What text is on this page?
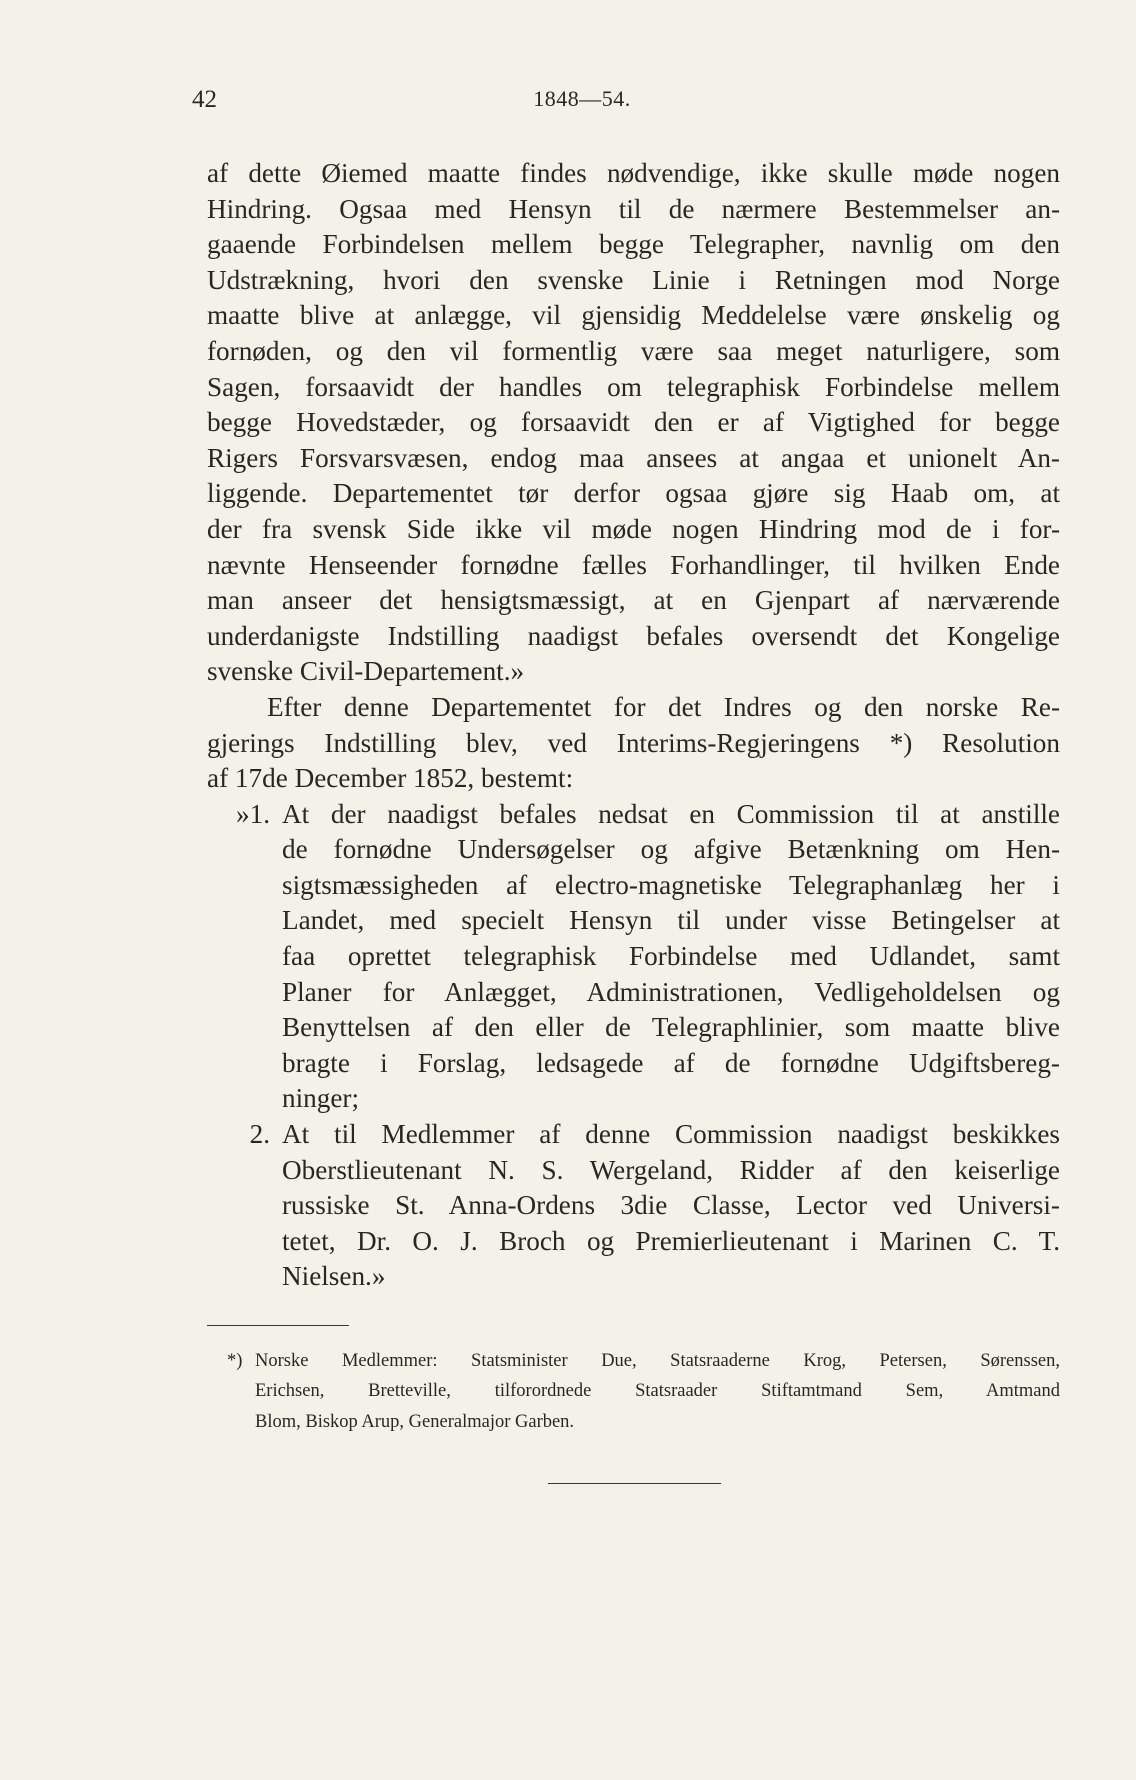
42	1848—54.
af dette Øiemed maatte findes nødvendige, ikke skulle møde nogen
Hindring. Ogsaa med Hensyn til de nærmere Bestemmelser an-
gaaende Forbindelsen mellem begge Telegrapher, navnlig om den
Udstrækning, hvori den svenske Linie i Retningen mod Norge
maatte blive at anlægge, vil gjensidig Meddelelse være ønskelig og
fornøden, og den vil formentlig være saa meget naturligere, som
Sagen, forsaavidt der handles om telegraphisk Forbindelse mellem
begge Hovedstæder, og forsaavidt den er af Vigtighed for begge
Rigers Forsvarsvæsen, endog maa ansees at angaa et unionelt An-
liggende. Departementet tør derfor ogsaa gjøre sig Haab om, at
der fra svensk Side ikke vil møde nogen Hindring mod de i for-
nævnte Henseender fornødne fælles Forhandlinger, til hvilken Ende
man anseer det hensigtsmæssigt, at en Gjenpart af nærværende
underdanigste Indstilling naadigst befales oversendt det Kongelige
svenske Civil-Departement.»
Efter denne Departementet for det Indres og den norske Re-
gjerings Indstilling blev, ved Interims-Regjeringens *) Resolution
af 17de December 1852, bestemt:
»1. At der naadigst befales nedsat en Commission til at anstille
de fornødne Undersøgelser og afgive Betænkning om Hen-
sigtsmæssigheden af electro-magnetiske Telegraphanlæg her i
Landet, med specielt Hensyn til under visse Betingelser at
faa oprettet telegraphisk Forbindelse med Udlandet, samt
Planer for Anlægget, Administrationen, Vedligeholdelsen og
Benyttelsen af den eller de Telegraphlinier, som maatte blive
bragte i Forslag, ledsagede af de fornødne Udgiftsbereg-
ninger;
2. At til Medlemmer af denne Commission naadigst beskikkes
Oberstlieutenant N. S. Wergeland, Ridder af den keiserlige
russiske St. Anna-Ordens 3die Classe, Lector ved Universi-
tetet, Dr. O. J. Broch og Premierlieutenant i Marinen C. T.
Nielsen.»
*) Norske Medlemmer: Statsminister Due, Statsraaderne Krog, Petersen, Sørenssen,
Erichsen, Bretteville, tilforordnede Statsraader Stiftamtmand Sem, Amtmand
Blom, Biskop Arup, Generalmajor Garben.
